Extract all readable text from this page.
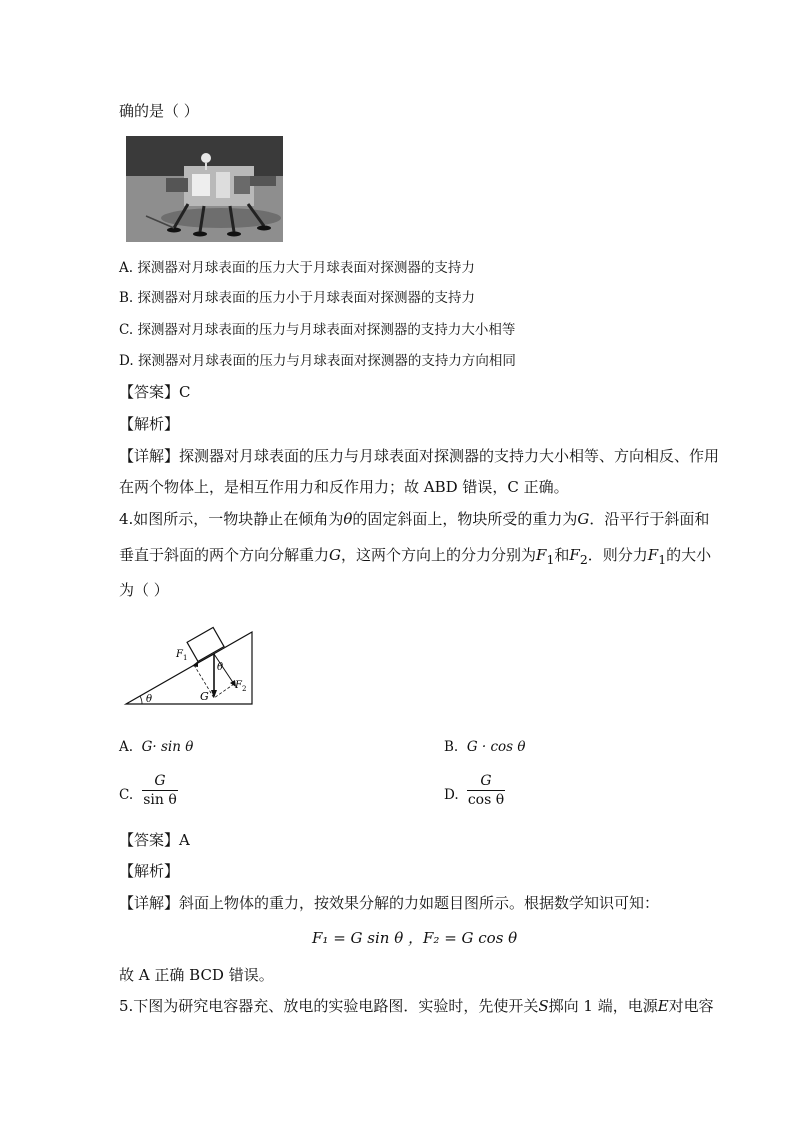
确的是（ ）
A. 探测器对月球表面的压力大于月球表面对探测器的支持力
B. 探测器对月球表面的压力小于月球表面对探测器的支持力
C. 探测器对月球表面的压力与月球表面对探测器的支持力大小相等
D. 探测器对月球表面的压力与月球表面对探测器的支持力方向相同
【答案】C
【解析】
【详解】探测器对月球表面的压力与月球表面对探测器的支持力大小相等、方向相反、作用
在两个物体上，是相互作用力和反作用力；故 ABD 错误，C 正确。
4.如图所示，一物块静止在倾角为θ的固定斜面上，物块所受的重力为G．沿平行于斜面和
垂直于斜面的两个方向分解重力G，这两个方向上的分力分别为$F_1$和$F_2$．则分力$F_1$的大小
为（ ）
F 1
F 2
θ
θ	G
A. G· sin θ	B. G · cos θ
C.
G
sin θ	D.
G
cos θ
【答案】A
【解析】
【详解】斜面上物体的重力，按效果分解的力如题目图所示。根据数学知识可知：
F₁ = G sin θ ，F₂ = G cos θ
故 A 正确 BCD 错误。
5.下图为研究电容器充、放电的实验电路图．实验时，先使开关S掷向 1 端，电源E对电容
